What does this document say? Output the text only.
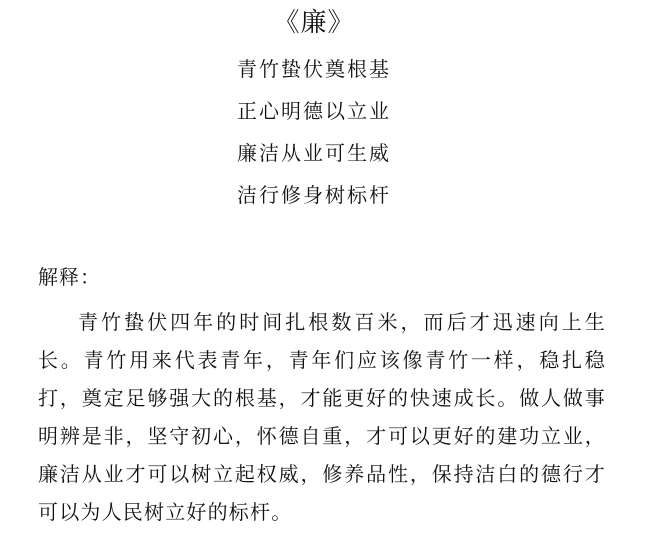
《廉》
青竹蛰伏奠根基
正心明德以立业
廉洁从业可生威
洁行修身树标杆
解释：

青竹蛰伏四年的时间扎根数百米，而后才迅速向上生长。青竹用来代表青年，青年们应该像青竹一样，稳扎稳打，奠定足够强大的根基，才能更好的快速成长。做人做事明辨是非，坚守初心，怀德自重，才可以更好的建功立业，廉洁从业才可以树立起权威，修养品性，保持洁白的德行才可以为人民树立好的标杆。
